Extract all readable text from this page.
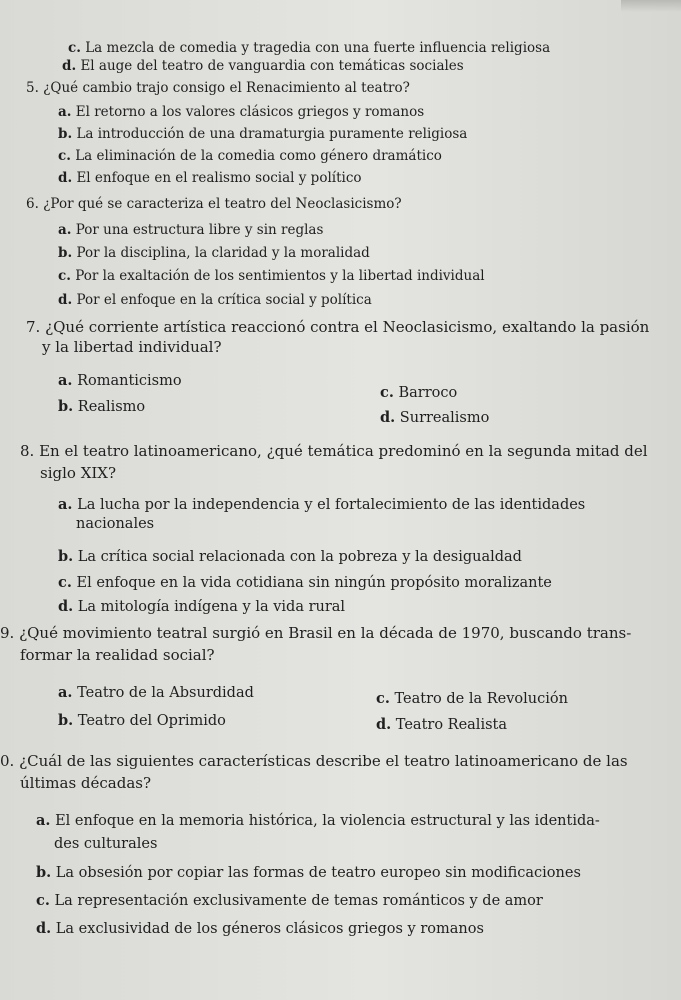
c. La mezcla de comedia y tragedia con una fuerte influencia religiosa
d. El auge del teatro de vanguardia con temáticas sociales
5. ¿Qué cambio trajo consigo el Renacimiento al teatro?
a. El retorno a los valores clásicos griegos y romanos
b. La introducción de una dramaturgia puramente religiosa
c. La eliminación de la comedia como género dramático
d. El enfoque en el realismo social y político
6. ¿Por qué se caracteriza el teatro del Neoclasicismo?
a. Por una estructura libre y sin reglas
b. Por la disciplina, la claridad y la moralidad
c. Por la exaltación de los sentimientos y la libertad individual
d. Por el enfoque en la crítica social y política
7. ¿Qué corriente artística reaccionó contra el Neoclasicismo, exaltando la pasión
y la libertad individual?
a. Romanticismo
b. Realismo
c. Barroco
d. Surrealismo
8. En el teatro latinoamericano, ¿qué temática predominó en la segunda mitad del
siglo XIX?
a. La lucha por la independencia y el fortalecimiento de las identidades
nacionales
b. La crítica social relacionada con la pobreza y la desigualdad
c. El enfoque en la vida cotidiana sin ningún propósito moralizante
d. La mitología indígena y la vida rural
9. ¿Qué movimiento teatral surgió en Brasil en la década de 1970, buscando trans-
formar la realidad social?
a. Teatro de la Absurdidad
b. Teatro del Oprimido
c. Teatro de la Revolución
d. Teatro Realista
0. ¿Cuál de las siguientes características describe el teatro latinoamericano de las
últimas décadas?
a. El enfoque en la memoria histórica, la violencia estructural y las identida-
des culturales
b. La obsesión por copiar las formas de teatro europeo sin modificaciones
c. La representación exclusivamente de temas románticos y de amor
d. La exclusividad de los géneros clásicos griegos y romanos
